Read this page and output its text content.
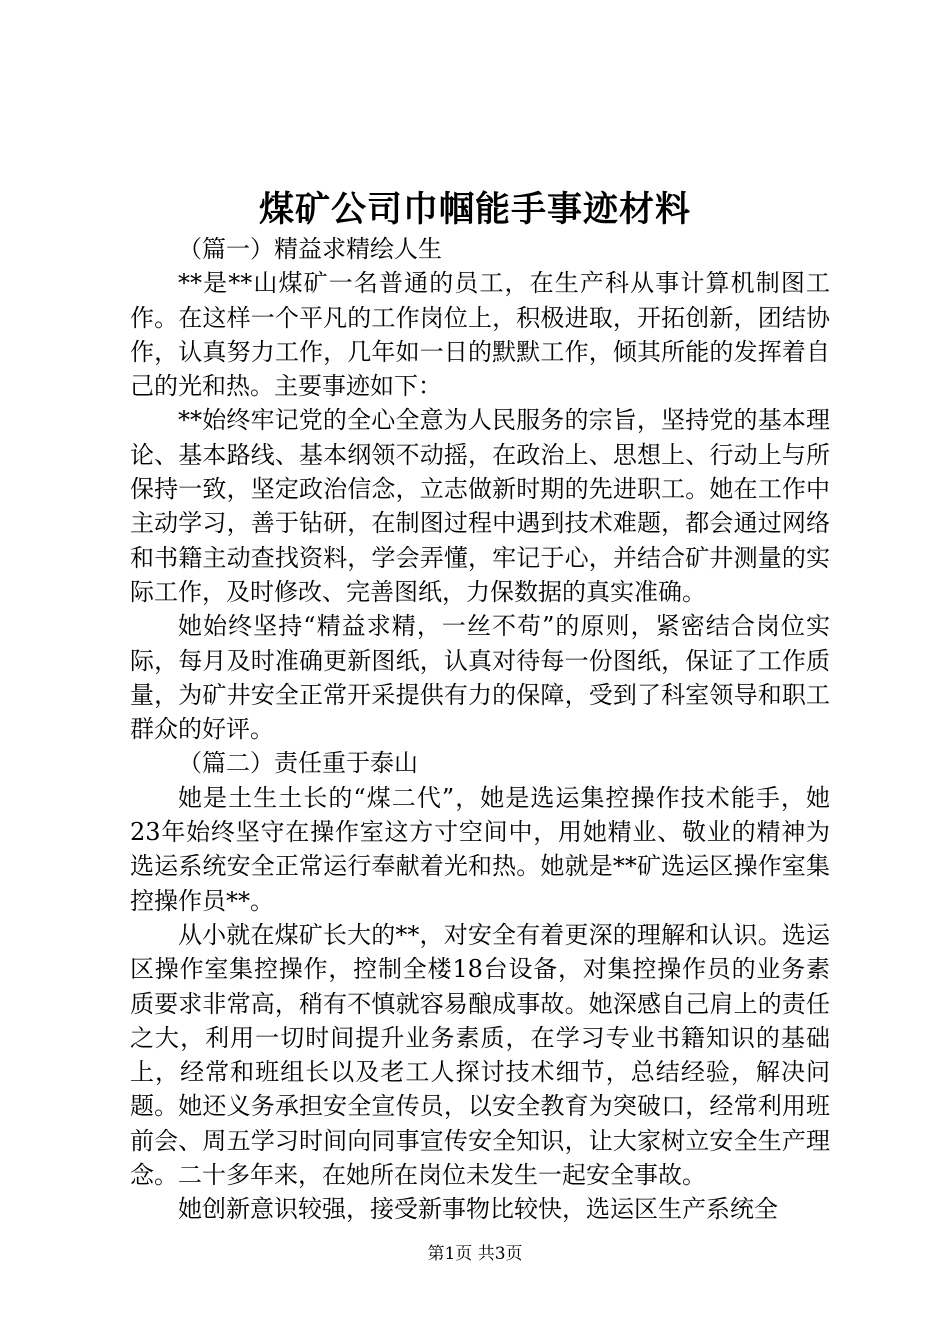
煤矿公司巾帼能手事迹材料

（篇一）精益求精绘人生

**是**山煤矿一名普通的员工，在生产科从事计算机制图工作。在这样一个平凡的工作岗位上，积极进取，开拓创新，团结协作，认真努力工作，几年如一日的默默工作，倾其所能的发挥着自己的光和热。主要事迹如下：

**始终牢记党的全心全意为人民服务的宗旨，坚持党的基本理论、基本路线、基本纲领不动摇，在政治上、思想上、行动上与所保持一致，坚定政治信念，立志做新时期的先进职工。她在工作中主动学习，善于钻研，在制图过程中遇到技术难题，都会通过网络和书籍主动查找资料，学会弄懂，牢记于心，并结合矿井测量的实际工作，及时修改、完善图纸，力保数据的真实准确。

她始终坚持“精益求精，一丝不苟”的原则，紧密结合岗位实际，每月及时准确更新图纸，认真对待每一份图纸，保证了工作质量，为矿井安全正常开采提供有力的保障，受到了科室领导和职工群众的好评。

（篇二）责任重于泰山

她是土生土长的“煤二代”，她是选运集控操作技术能手，她23年始终坚守在操作室这方寸空间中，用她精业、敬业的精神为选运系统安全正常运行奉献着光和热。她就是**矿选运区操作室集控操作员**。

从小就在煤矿长大的**，对安全有着更深的理解和认识。选运区操作室集控操作，控制全楼18台设备，对集控操作员的业务素质要求非常高，稍有不慎就容易酿成事故。她深感自己肩上的责任之大，利用一切时间提升业务素质，在学习专业书籍知识的基础上，经常和班组长以及老工人探讨技术细节，总结经验，解决问题。她还义务承担安全宣传员，以安全教育为突破口，经常利用班前会、周五学习时间向同事宣传安全知识，让大家树立安全生产理念。二十多年来，在她所在岗位未发生一起安全事故。

她创新意识较强，接受新事物比较快，选运区生产系统全

第1页 共3页
